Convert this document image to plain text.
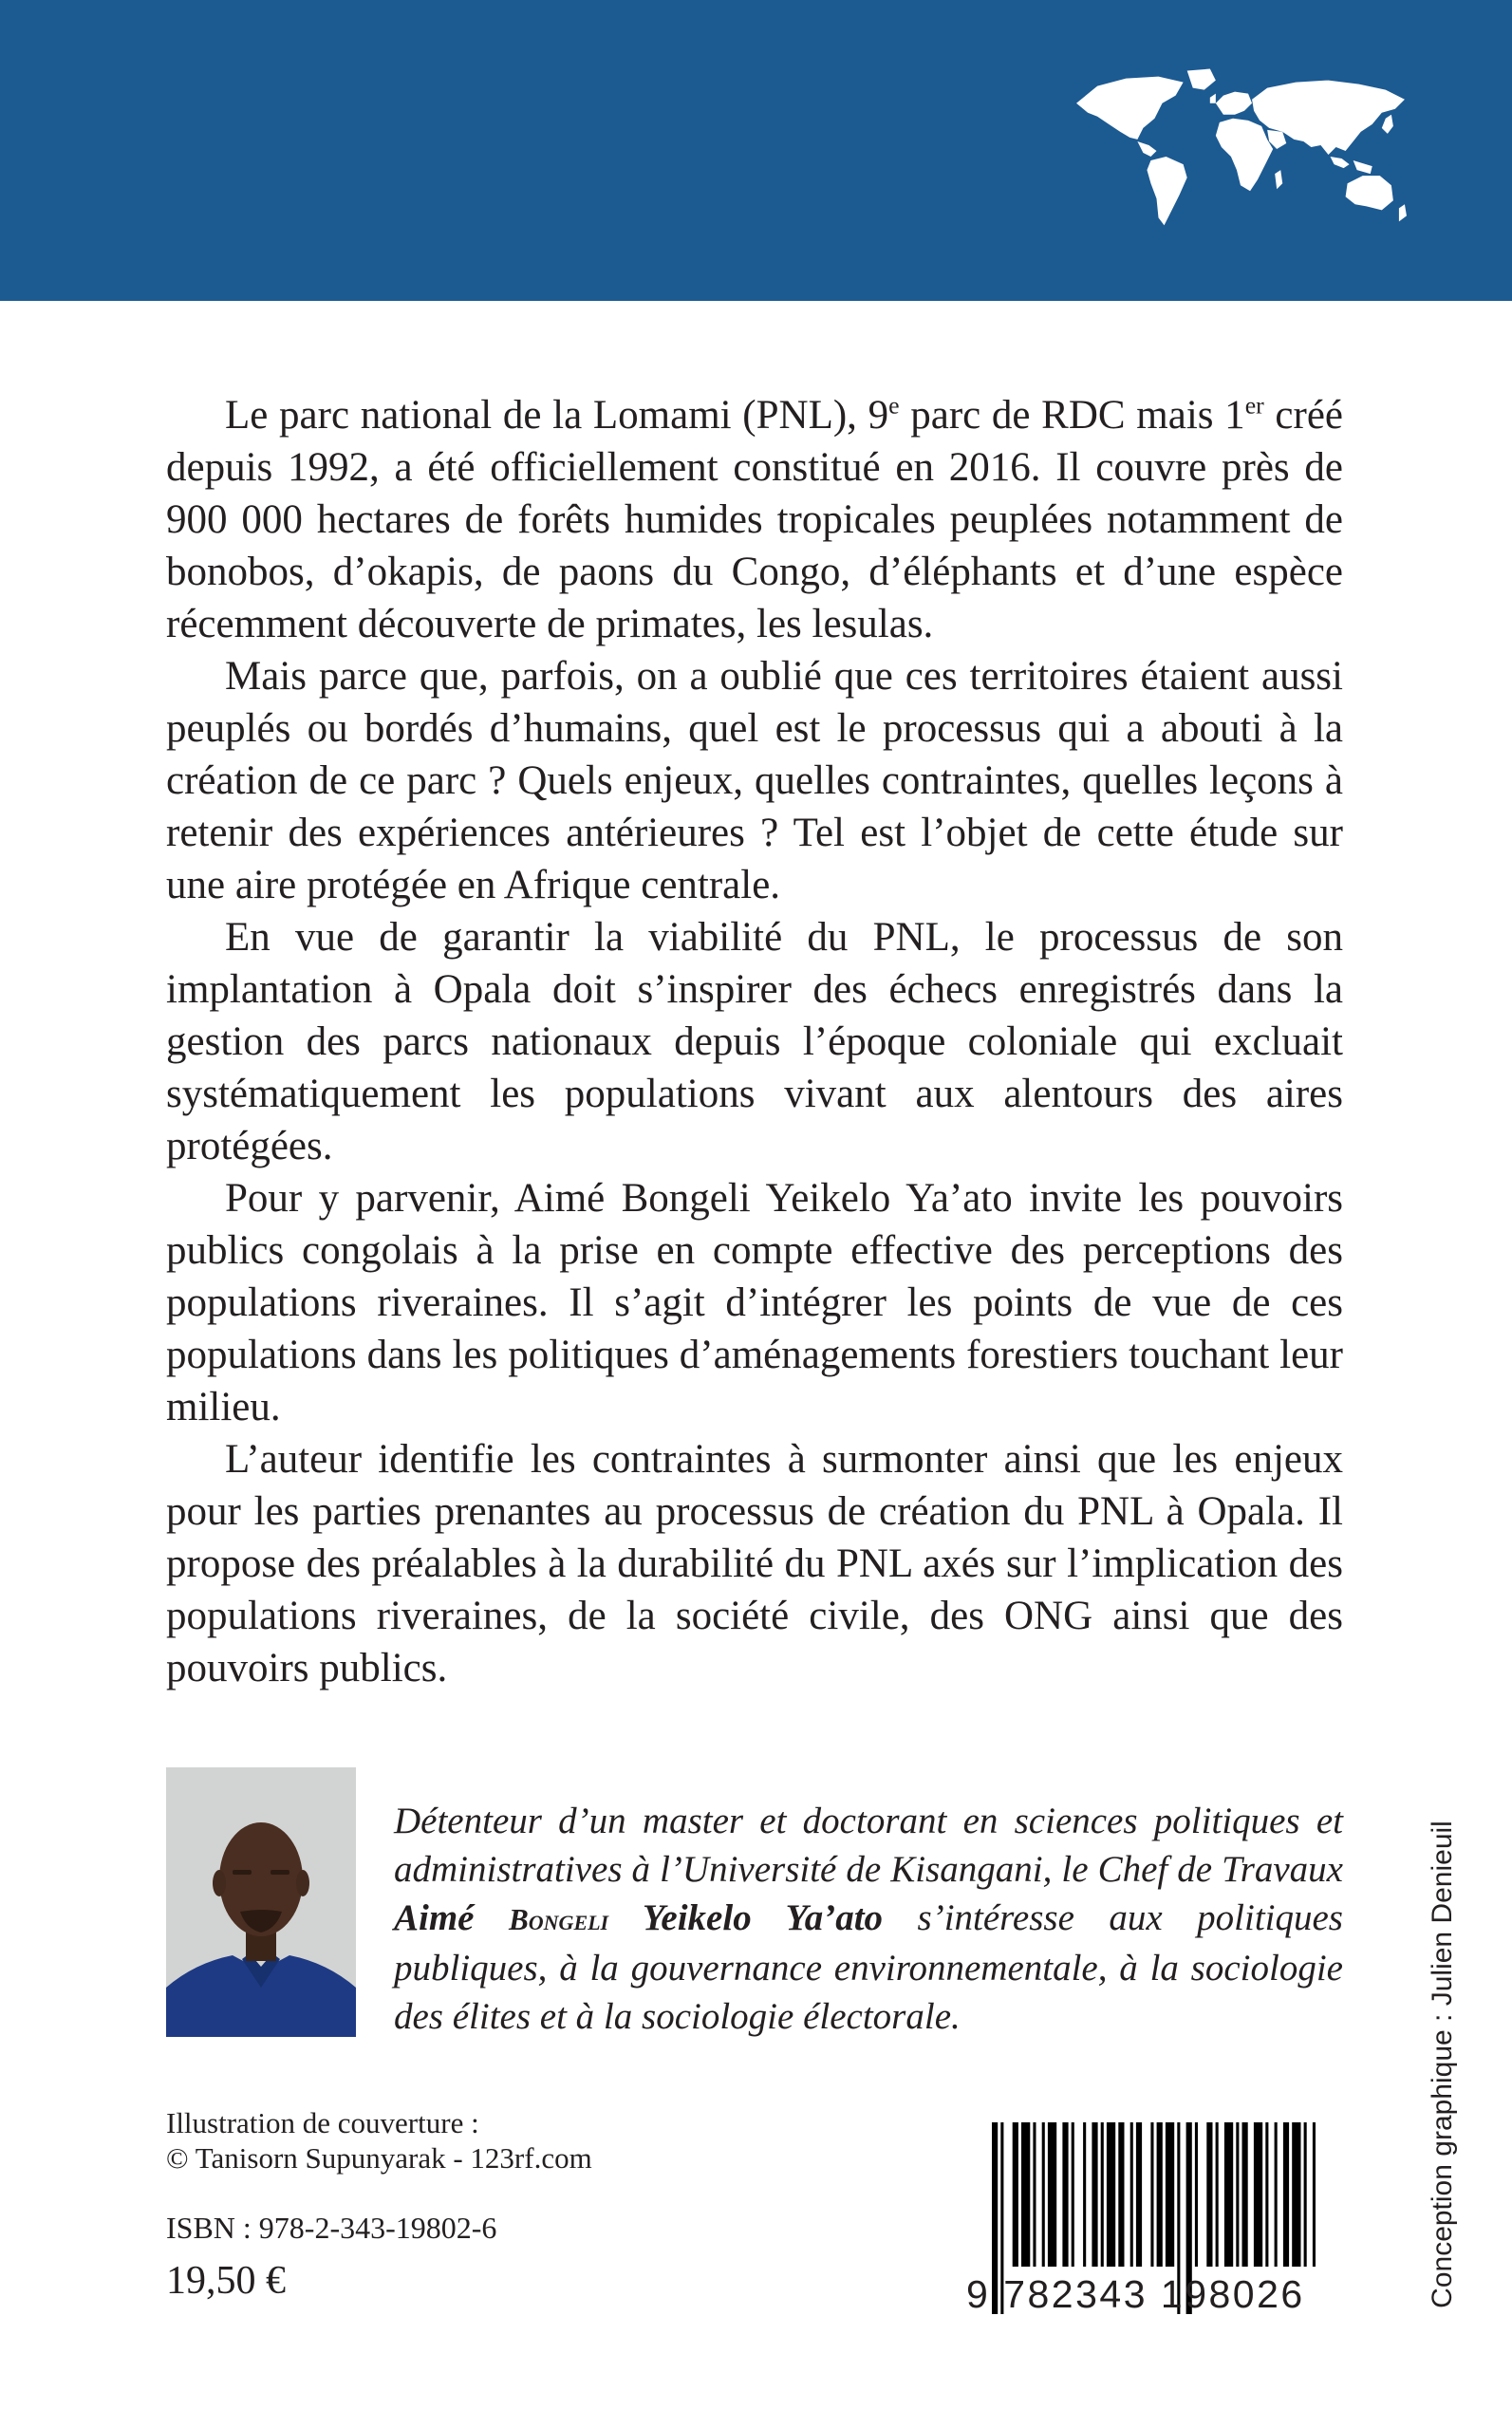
Le parc national de la Lomami (PNL), 9e parc de RDC mais 1er créé depuis 1992, a été officiellement constitué en 2016. Il couvre près de 900 000 hectares de forêts humides tropicales peuplées notamment de bonobos, d’okapis, de paons du Congo, d’éléphants et d’une espèce récemment découverte de primates, les lesulas.

Mais parce que, parfois, on a oublié que ces territoires étaient aussi peuplés ou bordés d’humains, quel est le processus qui a abouti à la création de ce parc ? Quels enjeux, quelles contraintes, quelles leçons à retenir des expériences antérieures ? Tel est l’objet de cette étude sur une aire protégée en Afrique centrale.

En vue de garantir la viabilité du PNL, le processus de son implantation à Opala doit s’inspirer des échecs enregistrés dans la gestion des parcs nationaux depuis l’époque coloniale qui excluait systématiquement les populations vivant aux alentours des aires protégées.

Pour y parvenir, Aimé Bongeli Yeikelo Ya’ato invite les pouvoirs publics congolais à la prise en compte effective des perceptions des populations riveraines. Il s’agit d’intégrer les points de vue de ces populations dans les politiques d’aménagements forestiers touchant leur milieu.

L’auteur identifie les contraintes à surmonter ainsi que les enjeux pour les parties prenantes au processus de création du PNL à Opala. Il propose des préalables à la durabilité du PNL axés sur l’implication des populations riveraines, de la société civile, des ONG ainsi que des pouvoirs publics.

Détenteur d’un master et doctorant en sciences politiques et administratives à l’Université de Kisangani, le Chef de Travaux Aimé Bongeli Yeikelo Ya’ato s’intéresse aux politiques publiques, à la gouvernance environnementale, à la sociologie des élites et à la sociologie électorale.
Illustration de couverture :
© Tanisorn Supunyarak - 123rf.com
ISBN : 978-2-343-19802-6
19,50 €	9 782343 198026	Conception graphique : Julien Denieuil
